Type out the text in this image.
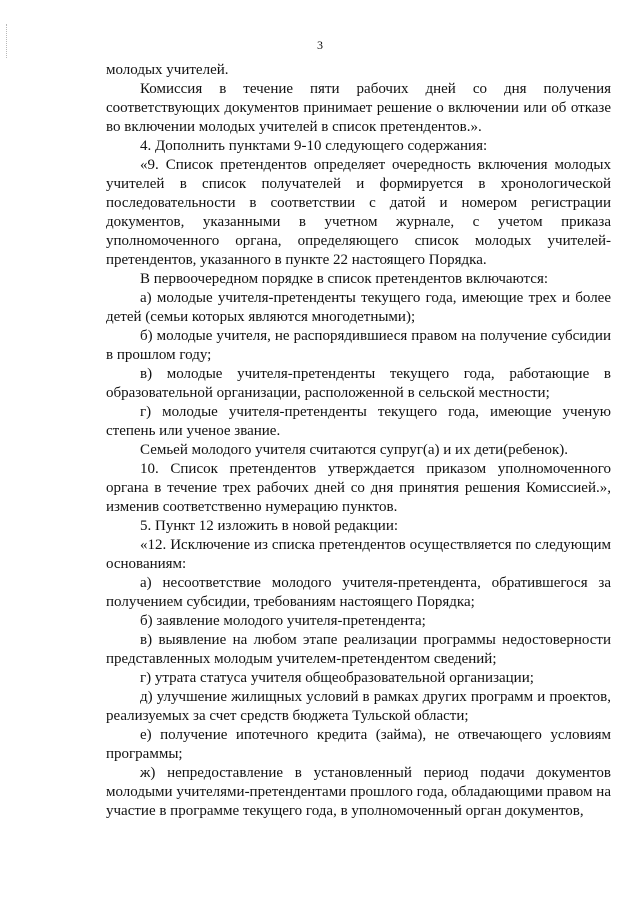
3

молодых учителей.

Комиссия в течение пяти рабочих дней со дня получения соответствующих документов принимает решение о включении или об отказе во включении молодых учителей в список претендентов.».

4. Дополнить пунктами 9-10 следующего содержания:

«9. Список претендентов определяет очередность включения молодых учителей в список получателей и формируется в хронологической последовательности в соответствии с датой и номером регистрации документов, указанными в учетном журнале, с учетом приказа уполномоченного органа, определяющего список молодых учителей-претендентов, указанного в пункте 22 настоящего Порядка.

В первоочередном порядке в список претендентов включаются:

а) молодые учителя-претенденты текущего года, имеющие трех и более детей (семьи которых являются многодетными);

б) молодые учителя, не распорядившиеся правом на получение субсидии в прошлом году;

в) молодые учителя-претенденты текущего года, работающие в образовательной организации, расположенной в сельской местности;

г) молодые учителя-претенденты текущего года, имеющие ученую степень или ученое звание.

Семьей молодого учителя считаются супруг(а) и их дети(ребенок).

10. Список претендентов утверждается приказом уполномоченного органа в течение трех рабочих дней со дня принятия решения Комиссией.», изменив соответственно нумерацию пунктов.

5. Пункт 12 изложить в новой редакции:

«12. Исключение из списка претендентов осуществляется по следующим основаниям:

а) несоответствие молодого учителя-претендента, обратившегося за получением субсидии, требованиям настоящего Порядка;

б) заявление молодого учителя-претендента;

в) выявление на любом этапе реализации программы недостоверности представленных молодым учителем-претендентом сведений;

г) утрата статуса учителя общеобразовательной организации;

д) улучшение жилищных условий в рамках других программ и проектов, реализуемых за счет средств бюджета Тульской области;

е) получение ипотечного кредита (займа), не отвечающего условиям программы;

ж) непредоставление в установленный период подачи документов молодыми учителями-претендентами прошлого года, обладающими правом на участие в программе текущего года, в уполномоченный орган документов,
